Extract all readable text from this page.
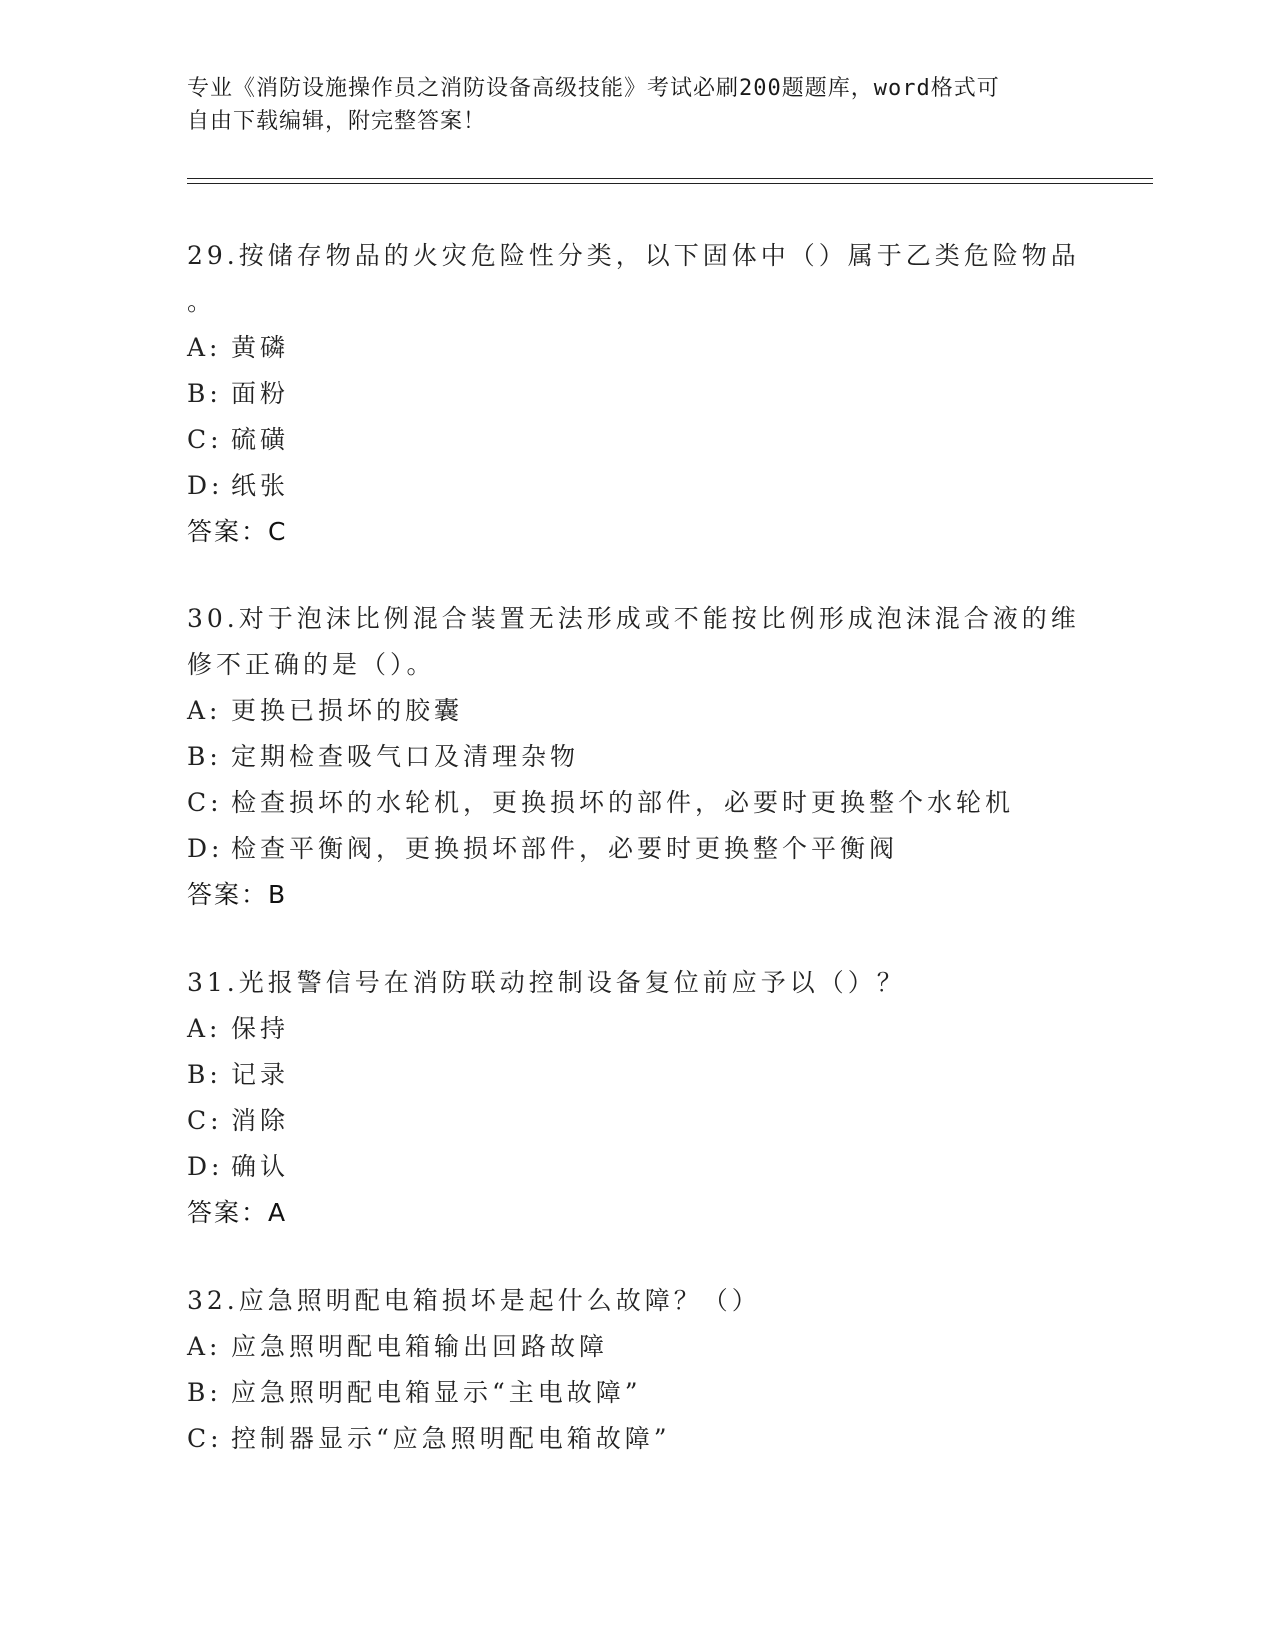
专业《消防设施操作员之消防设备高级技能》考试必刷200题题库，word格式可
自由下载编辑，附完整答案！

29.按储存物品的火灾危险性分类，以下固体中（）属于乙类危险物品

。

A: 黄磷

B: 面粉

C: 硫磺

D: 纸张

答案：C

30.对于泡沫比例混合装置无法形成或不能按比例形成泡沫混合液的维

修不正确的是（）。

A: 更换已损坏的胶囊

B: 定期检查吸气口及清理杂物

C: 检查损坏的水轮机，更换损坏的部件，必要时更换整个水轮机

D: 检查平衡阀，更换损坏部件，必要时更换整个平衡阀

答案：B

31.光报警信号在消防联动控制设备复位前应予以（）？

A: 保持

B: 记录

C: 消除

D: 确认

答案：A

32.应急照明配电箱损坏是起什么故障？（）

A: 应急照明配电箱输出回路故障

B: 应急照明配电箱显示“主电故障”

C: 控制器显示“应急照明配电箱故障”
